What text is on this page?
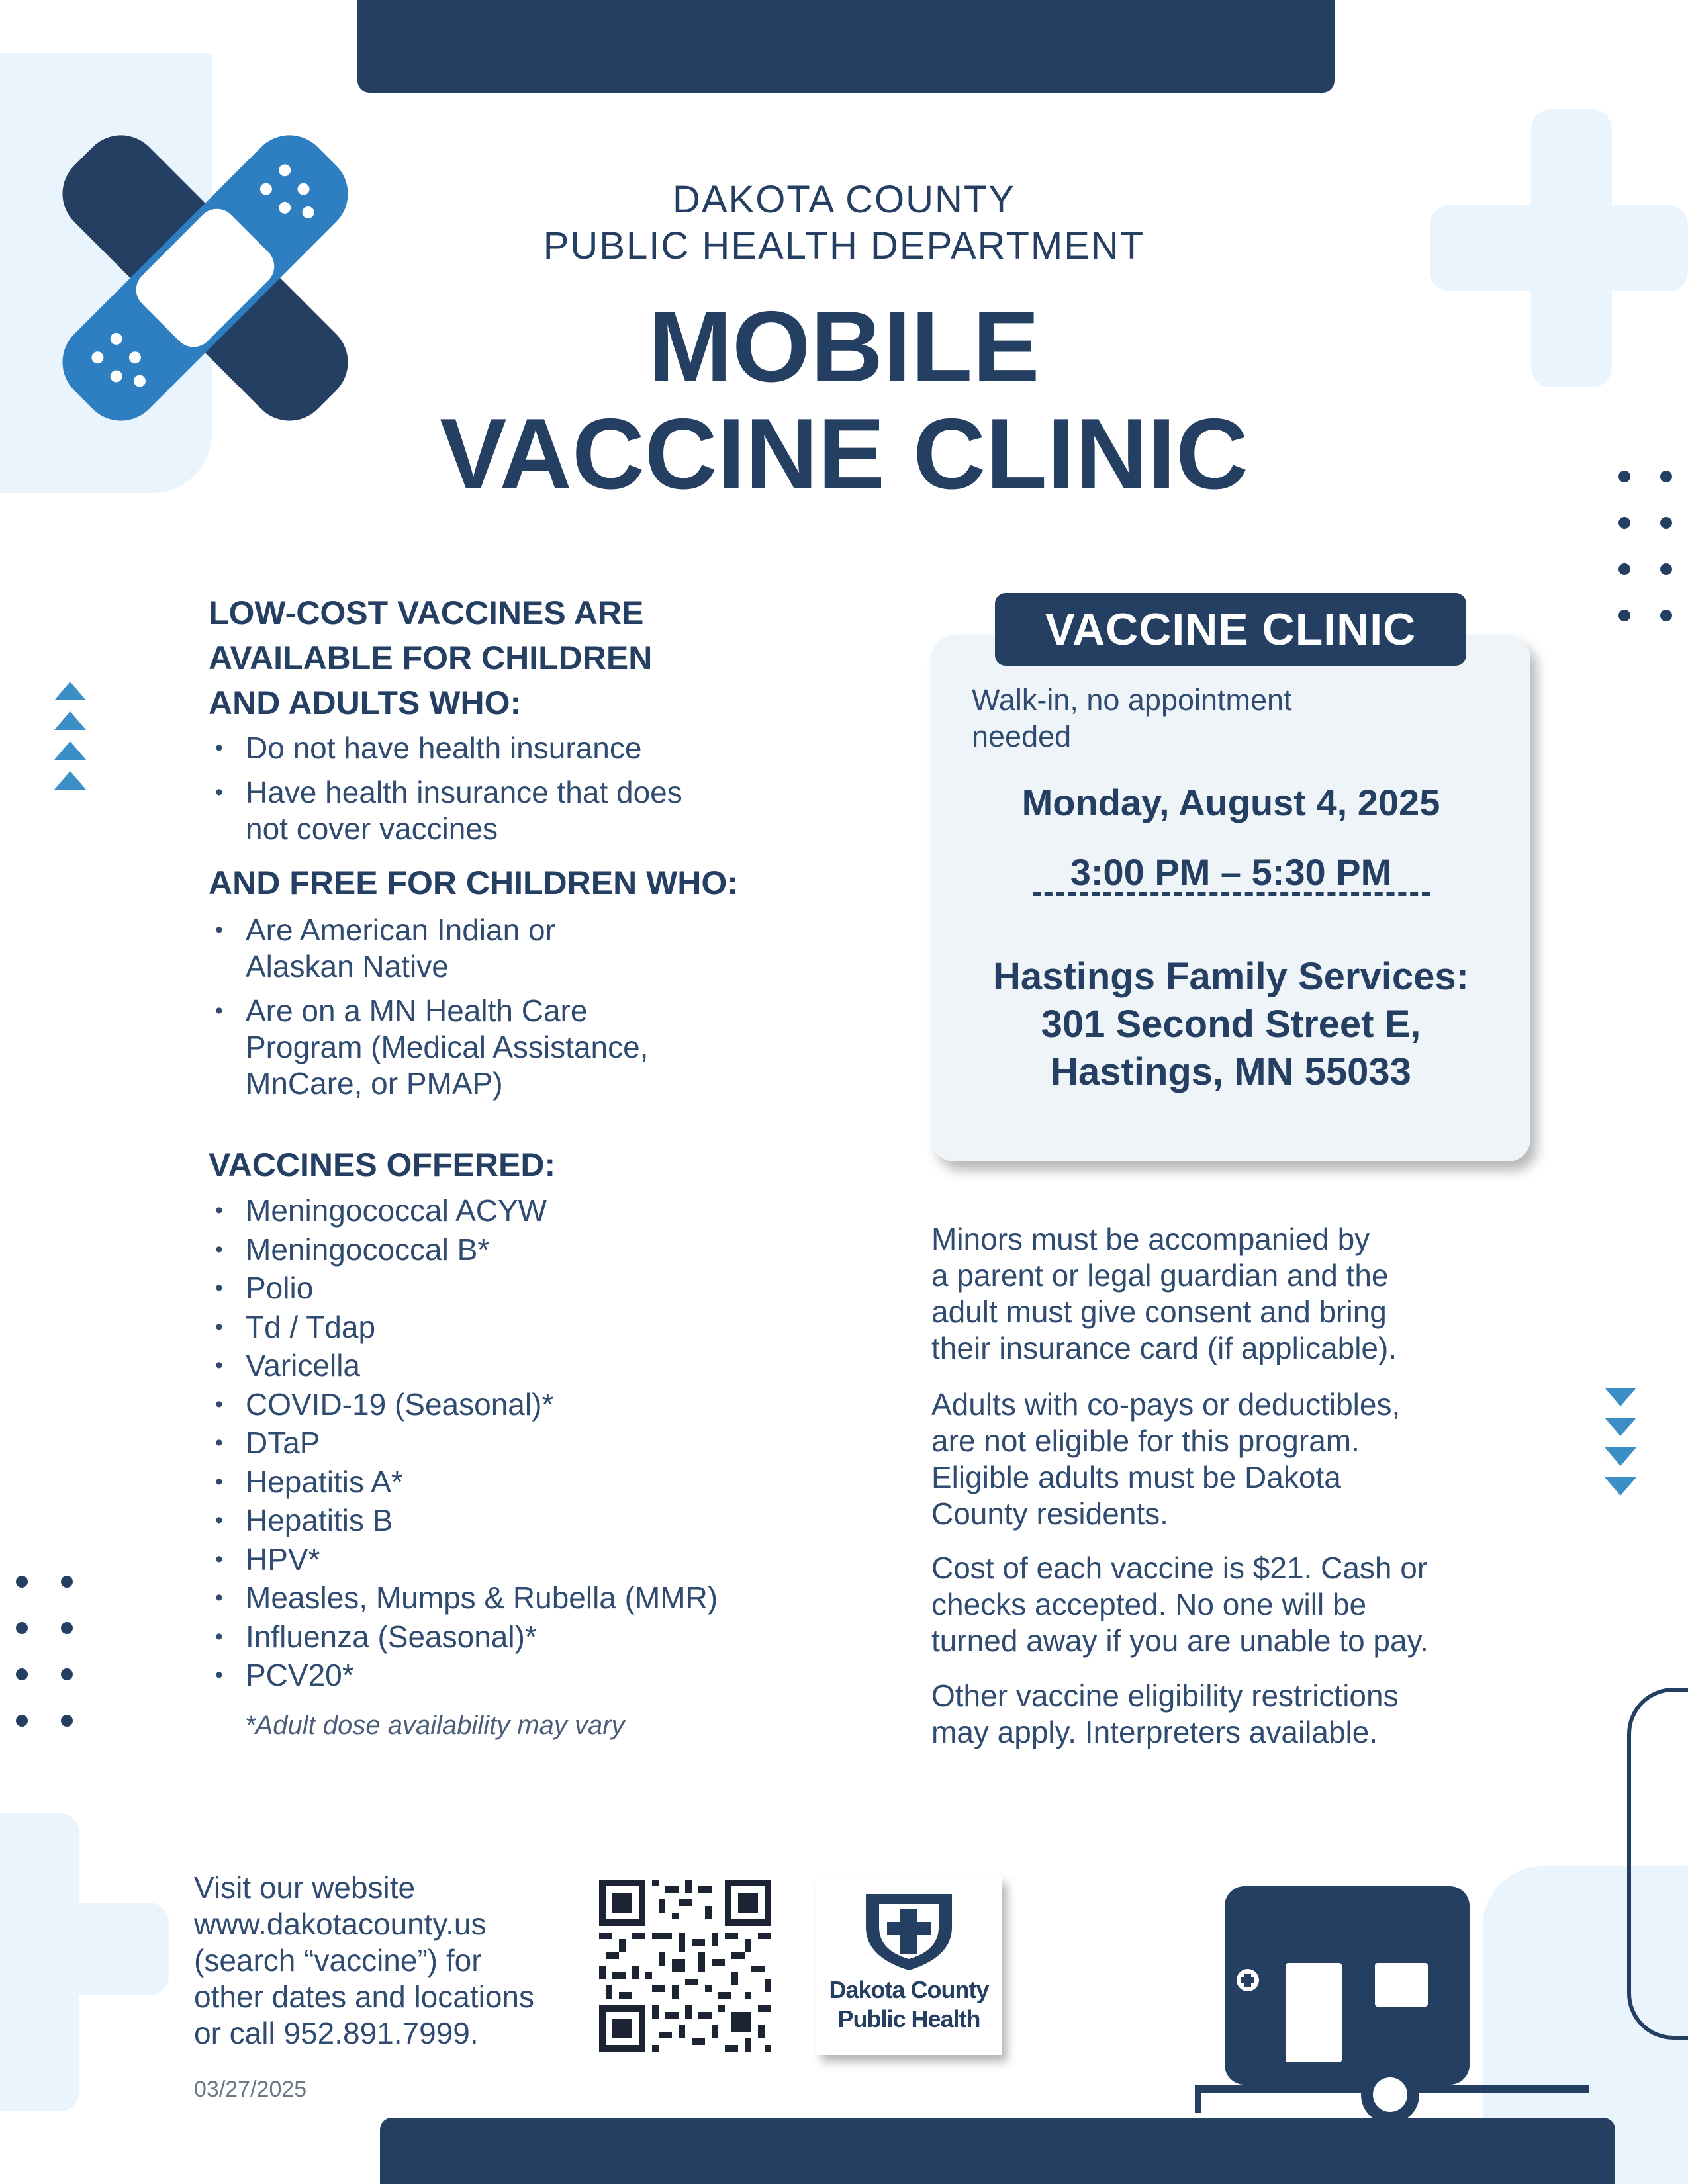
DAKOTA COUNTY
PUBLIC HEALTH DEPARTMENT
MOBILE
VACCINE CLINIC
LOW-COST VACCINES ARE
AVAILABLE FOR CHILDREN
AND ADULTS WHO:
• Do not have health insurance
• Have health insurance that does
not cover vaccines
AND FREE FOR CHILDREN WHO:
• Are American Indian or
Alaskan Native
• Are on a MN Health Care
Program (Medical Assistance,
MnCare, or PMAP)
VACCINES OFFERED:
• Meningococcal ACYW
• Meningococcal B*
• Polio
• Td / Tdap
• Varicella
• COVID-19 (Seasonal)*
• DTaP
• Hepatitis A*
• Hepatitis B
• HPV*
• Measles, Mumps & Rubella (MMR)
• Influenza (Seasonal)*
• PCV20*
*Adult dose availability may vary
VACCINE CLINIC
Walk-in, no appointment
needed
Monday, August 4, 2025
3:00 PM – 5:30 PM
Hastings Family Services:
301 Second Street E,
Hastings, MN 55033
Minors must be accompanied by
a parent or legal guardian and the
adult must give consent and bring
their insurance card (if applicable).
Adults with co-pays or deductibles,
are not eligible for this program.
Eligible adults must be Dakota
County residents.
Cost of each vaccine is $21. Cash or
checks accepted. No one will be
turned away if you are unable to pay.
Other vaccine eligibility restrictions
may apply. Interpreters available.
Visit our website
www.dakotacounty.us
(search “vaccine”) for
other dates and locations
or call 952.891.7999.
Dakota County
Public Health
03/27/2025
